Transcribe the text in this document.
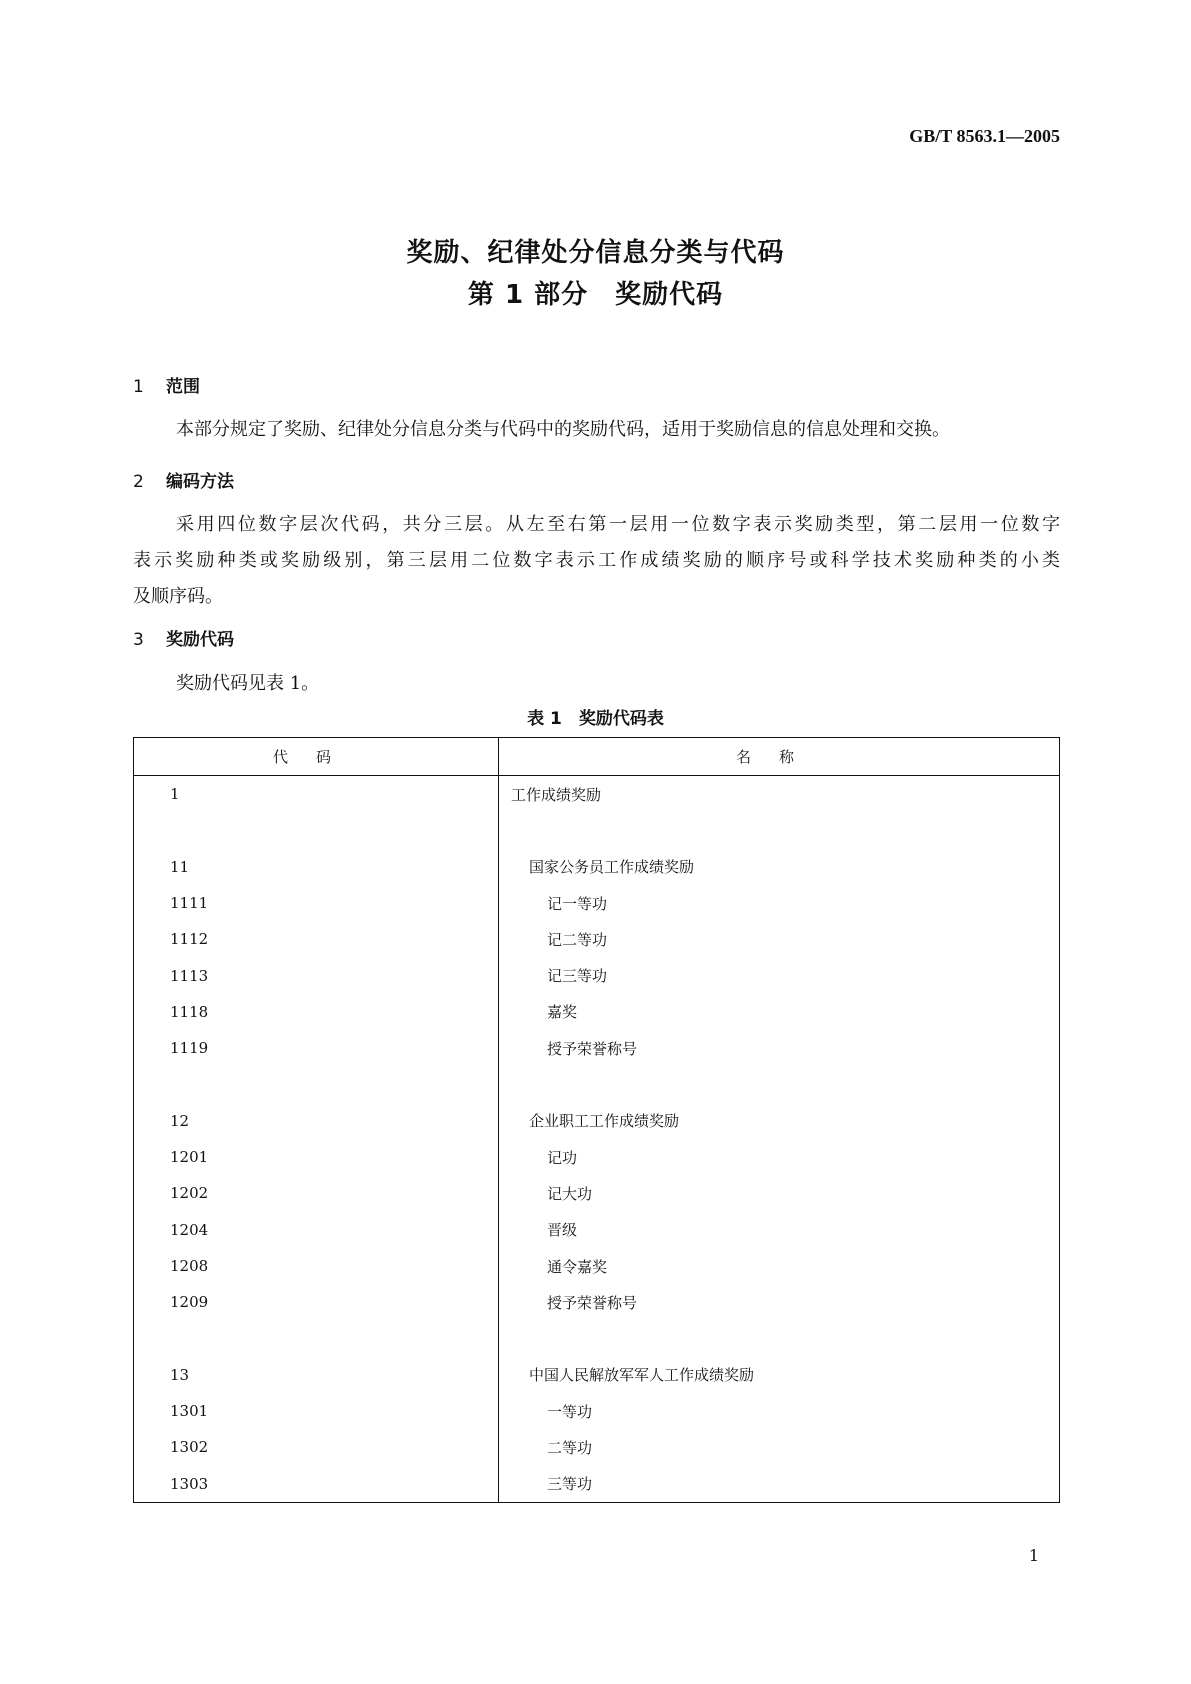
GB/T 8563.1—2005
奖励、纪律处分信息分类与代码
第 1 部分　奖励代码
1 范围
本部分规定了奖励、纪律处分信息分类与代码中的奖励代码，适用于奖励信息的信息处理和交换。
2 编码方法
采用四位数字层次代码，共分三层。从左至右第一层用一位数字表示奖励类型，第二层用一位数字
表示奖励种类或奖励级别，第三层用二位数字表示工作成绩奖励的顺序号或科学技术奖励种类的小类
及顺序码。
3 奖励代码
奖励代码见表 1。
表 1　奖励代码表
代码	名称
1	工作成绩奖励

11	国家公务员工作成绩奖励
1111	记一等功
1112	记二等功
1113	记三等功
1118	嘉奖
1119	授予荣誉称号

12	企业职工工作成绩奖励
1201	记功
1202	记大功
1204	晋级
1208	通令嘉奖
1209	授予荣誉称号

13	中国人民解放军军人工作成绩奖励
1301	一等功
1302	二等功
1303	三等功
1
